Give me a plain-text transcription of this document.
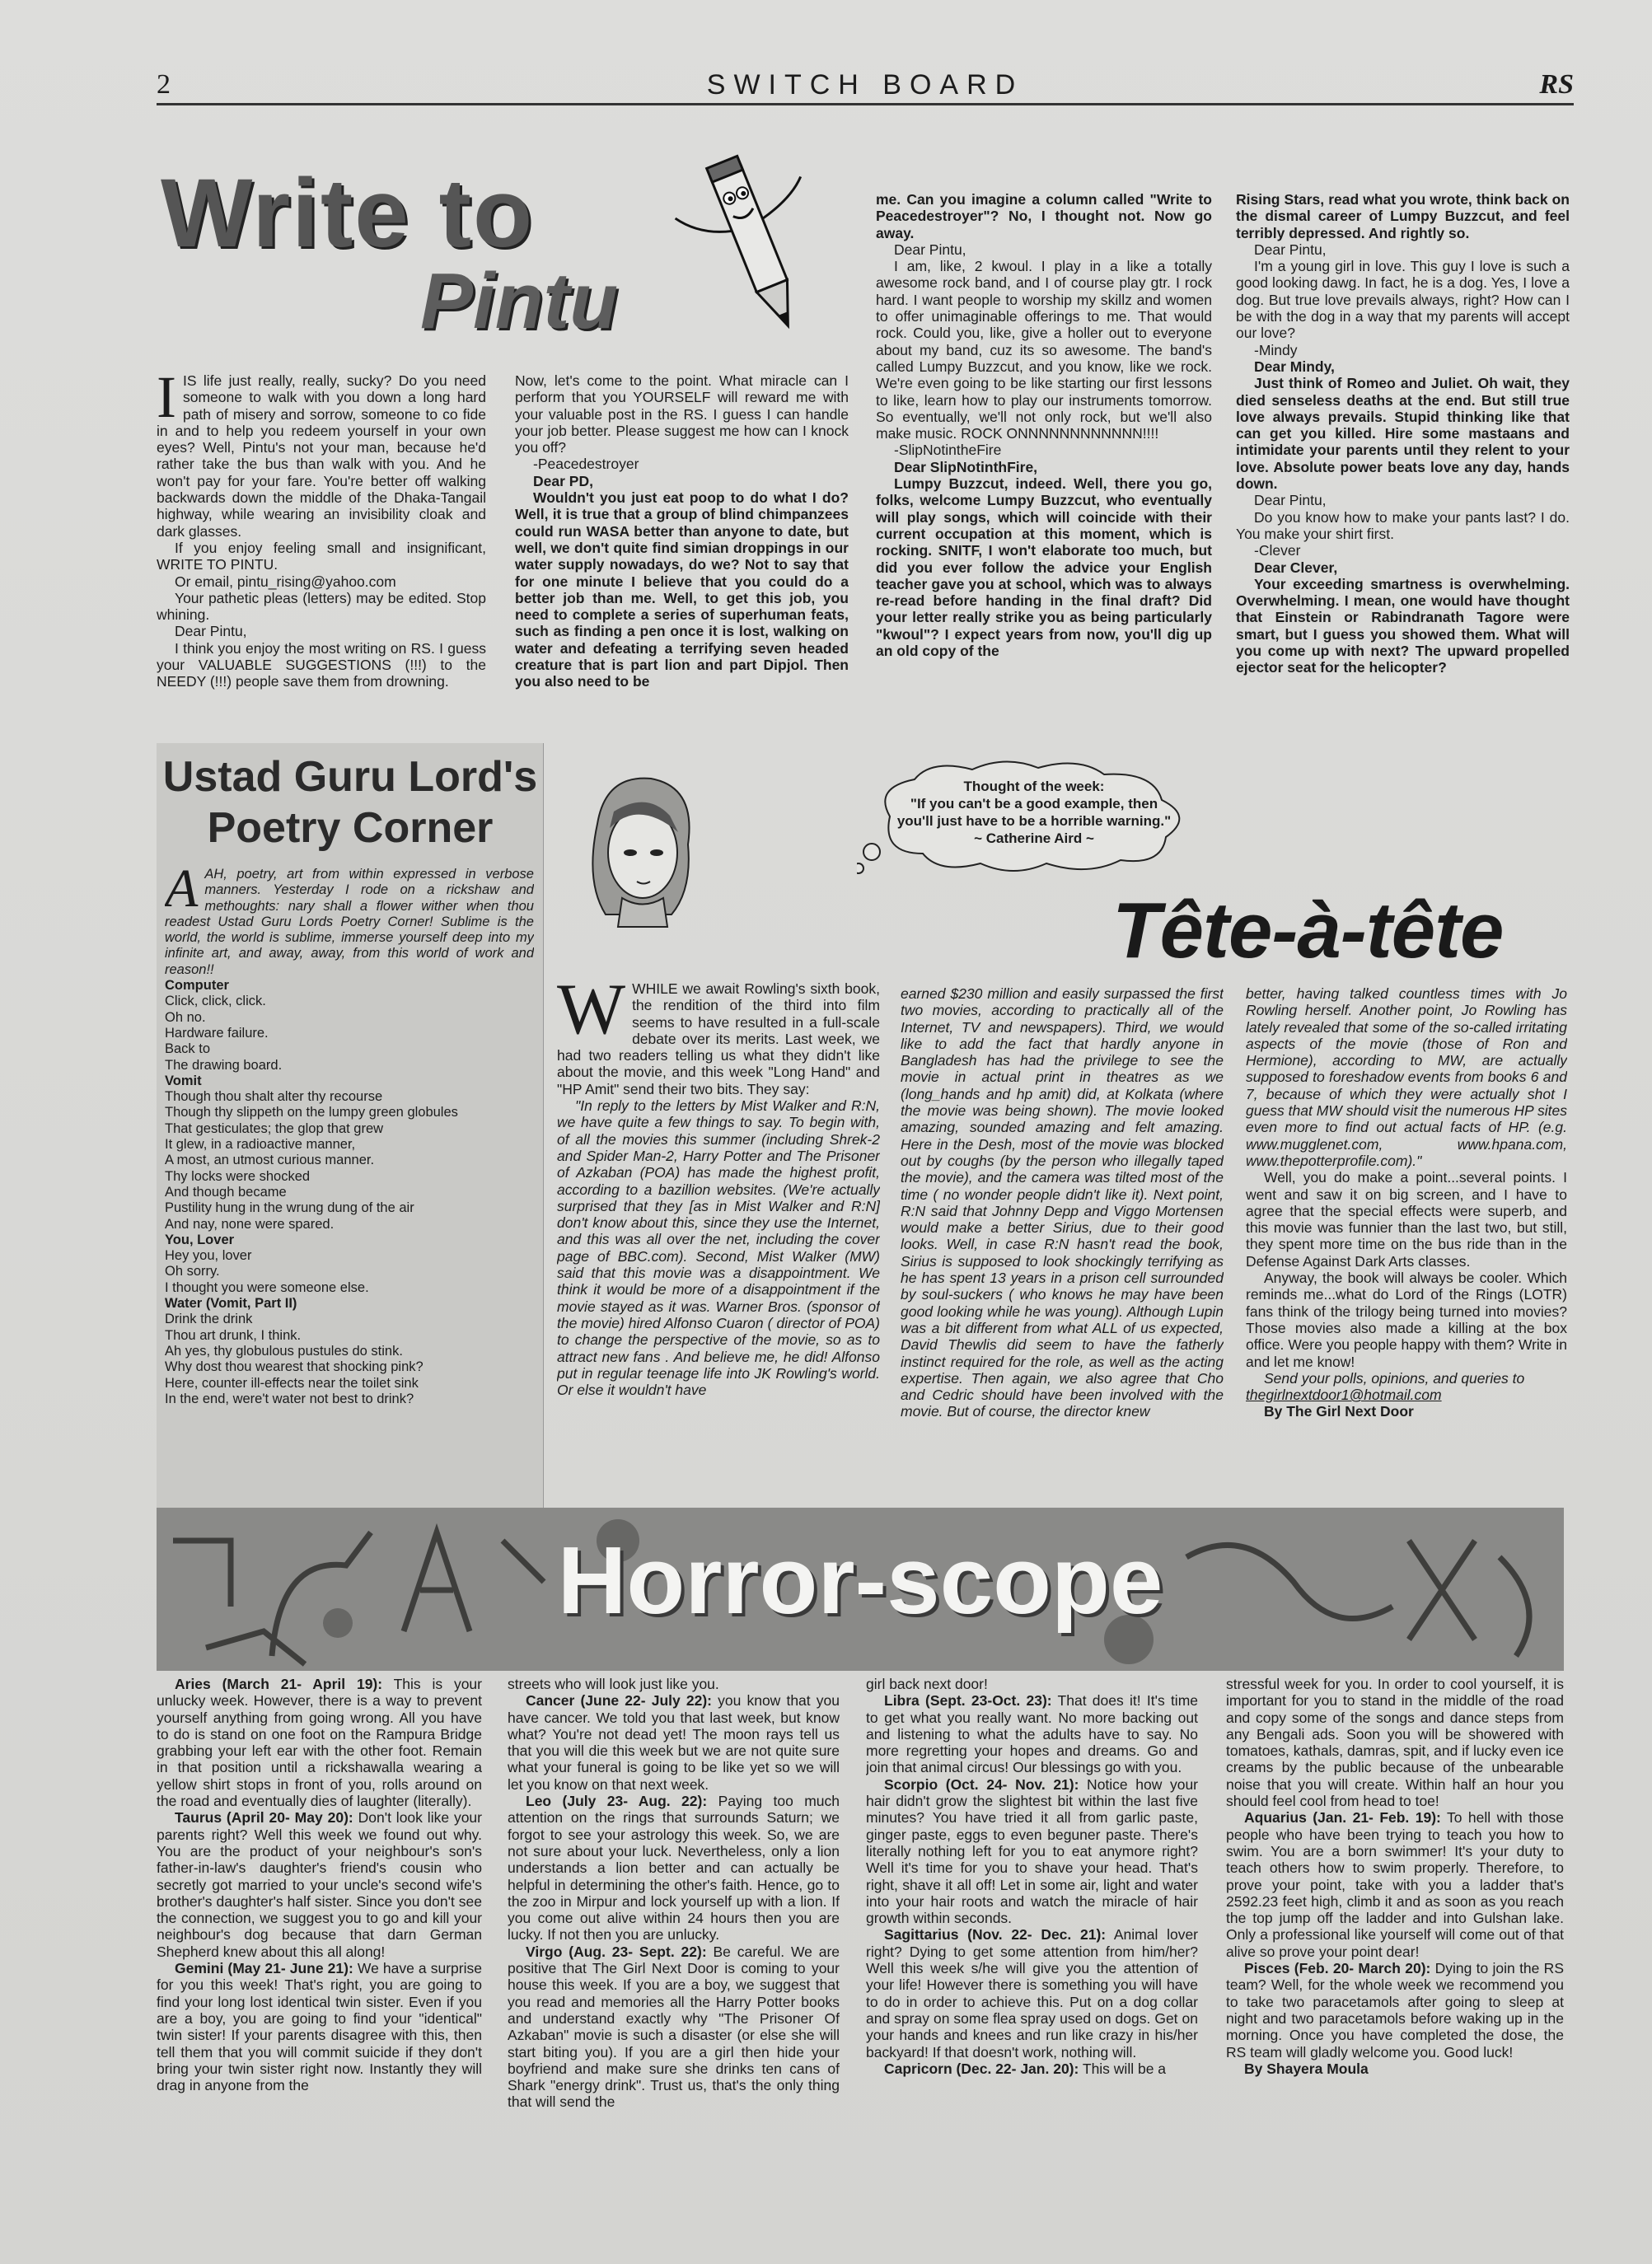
2	SWITCH BOARD	RS
Write to
Pintu

IIS life just really, really, sucky? Do you need someone to walk with you down a long hard path of misery and sorrow, someone to co fide in and to help you redeem yourself in your own eyes? Well, Pintu's not your man, because he'd rather take the bus than walk with you. And he won't pay for your fare. You're better off walking backwards down the middle of the Dhaka-Tangail highway, while wearing an invisibility cloak and dark glasses.

If you enjoy feeling small and insignificant, WRITE TO PINTU.

Or email, pintu_rising@yahoo.com

Your pathetic pleas (letters) may be edited. Stop whining.

Dear Pintu,

I think you enjoy the most writing on RS. I guess your VALUABLE SUGGESTIONS (!!!) to the NEEDY (!!!) people save them from drowning.

Now, let's come to the point. What miracle can I perform that you YOURSELF will reward me with your valuable post in the RS. I guess I can handle your job better. Please suggest me how can I knock you off?

-Peacedestroyer

Dear PD,

Wouldn't you just eat poop to do what I do? Well, it is true that a group of blind chimpanzees could run WASA better than anyone to date, but well, we don't quite find simian droppings in our water supply nowadays, do we? Not to say that for one minute I believe that you could do a better job than me. Well, to get this job, you need to complete a series of superhuman feats, such as finding a pen once it is lost, walking on water and defeating a terrifying seven headed creature that is part lion and part Dipjol. Then you also need to be

me. Can you imagine a column called "Write to Peacedestroyer"? No, I thought not. Now go away.

Dear Pintu,

I am, like, 2 kwoul. I play in a like a totally awesome rock band, and I of course play gtr. I rock hard. I want people to worship my skillz and women to offer unimaginable offerings to me. That would rock. Could you, like, give a holler out to everyone about my band, cuz its so awesome. The band's called Lumpy Buzzcut, and you know, like we rock. We're even going to be like starting our first lessons to like, learn how to play our instruments tomorrow. So eventually, we'll not only rock, but we'll also make music. ROCK ONNNNNNNNNNNN!!!!

-SlipNotintheFire

Dear SlipNotinthFire,

Lumpy Buzzcut, indeed. Well, there you go, folks, welcome Lumpy Buzzcut, who eventually will play songs, which will coincide with their current occupation at this moment, which is rocking. SNITF, I won't elaborate too much, but did you ever follow the advice your English teacher gave you at school, which was to always re-read before handing in the final draft? Did your letter really strike you as being particularly "kwoul"? I expect years from now, you'll dig up an old copy of the

Rising Stars, read what you wrote, think back on the dismal career of Lumpy Buzzcut, and feel terribly depressed. And rightly so.

Dear Pintu,

I'm a young girl in love. This guy I love is such a good looking dawg. In fact, he is a dog. Yes, I love a dog. But true love prevails always, right? How can I be with the dog in a way that my parents will accept our love?

-Mindy

Dear Mindy,

Just think of Romeo and Juliet. Oh wait, they died senseless deaths at the end. But still true love always prevails. Stupid thinking like that can get you killed. Hire some mastaans and intimidate your parents until they relent to your love. Absolute power beats love any day, hands down.

Dear Pintu,

Do you know how to make your pants last? I do. You make your shirt first.

-Clever

Dear Clever,

Your exceeding smartness is overwhelming. Overwhelming. I mean, one would have thought that Einstein or Rabindranath Tagore were smart, but I guess you showed them. What will you come up with next? The upward propelled ejector seat for the helicopter?

Ustad Guru Lord's
Poetry Corner

AAH, poetry, art from within expressed in verbose manners. Yesterday I rode on a rickshaw and methoughts: nary shall a flower wither when thou readest Ustad Guru Lords Poetry Corner! Sublime is the world, the world is sublime, immerse yourself deep into my infinite art, and away, away, from this world of work and reason!!

Computer
Click, click, click.
Oh no.
Hardware failure.
Back to
The drawing board.
Vomit
Though thou shalt alter thy recourse
Though thy slippeth on the lumpy green globules
That gesticulates; the glop that grew
It glew, in a radioactive manner,
A most, an utmost curious manner.
Thy locks were shocked
And though became
Pustility hung in the wrung dung of the air
And nay, none were spared.
You, Lover
Hey you, lover
Oh sorry.
I thought you were someone else.
Water (Vomit, Part II)
Drink the drink
Thou art drunk, I think.
Ah yes, thy globulous pustules do stink.
Why dost thou wearest that shocking pink?
Here, counter ill-effects near the toilet sink
In the end, were't water not best to drink?
Thought of the week:
"If you can't be a good example, then you'll just have to be a horrible warning."
~ Catherine Aird ~
Tête-à-tête

WWHILE we await Rowling's sixth book, the rendition of the third into film seems to have resulted in a full-scale debate over its merits. Last week, we had two readers telling us what they didn't like about the movie, and this week "Long Hand" and "HP Amit" send their two bits. They say:

"In reply to the letters by Mist Walker and R:N, we have quite a few things to say. To begin with, of all the movies this summer (including Shrek-2 and Spider Man-2, Harry Potter and The Prisoner of Azkaban (POA) has made the highest profit, according to a bazillion websites. (We're actually surprised that they [as in Mist Walker and R:N] don't know about this, since they use the Internet, and this was all over the net, including the cover page of BBC.com). Second, Mist Walker (MW) said that this movie was a disappointment. We think it would be more of a disappointment if the movie stayed as it was. Warner Bros. (sponsor of the movie) hired Alfonso Cuaron ( director of POA) to change the perspective of the movie, so as to attract new fans . And believe me, he did! Alfonso put in regular teenage life into JK Rowling's world. Or else it wouldn't have

earned $230 million and easily surpassed the first two movies, according to practically all of the Internet, TV and newspapers). Third, we would like to add the fact that hardly anyone in Bangladesh has had the privilege to see the movie in actual print in theatres as we (long_hands and hp amit) did, at Kolkata (where the movie was being shown). The movie looked amazing, sounded amazing and felt amazing. Here in the Desh, most of the movie was blocked out by coughs (by the person who illegally taped the movie), and the camera was tilted most of the time ( no wonder people didn't like it). Next point, R:N said that Johnny Depp and Viggo Mortensen would make a better Sirius, due to their good looks. Well, in case R:N hasn't read the book, Sirius is supposed to look shockingly terrifying as he has spent 13 years in a prison cell surrounded by soul-suckers ( who knows he may have been good looking while he was young). Although Lupin was a bit different from what ALL of us expected, David Thewlis did seem to have the fatherly instinct required for the role, as well as the acting expertise. Then again, we also agree that Cho and Cedric should have been involved with the movie. But of course, the director knew

better, having talked countless times with Jo Rowling herself. Another point, Jo Rowling has lately revealed that some of the so-called irritating aspects of the movie (those of Ron and Hermione), according to MW, are actually supposed to foreshadow events from books 6 and 7, because of which they were actually shot I guess that MW should visit the numerous HP sites even more to find out actual facts of HP. (e.g. www.mugglenet.com, www.hpana.com, www.thepotterprofile.com)."

Well, you do make a point...several points. I went and saw it on big screen, and I have to agree that the special effects were superb, and this movie was funnier than the last two, but still, they spent more time on the bus ride than in the Defense Against Dark Arts classes.

Anyway, the book will always be cooler. Which reminds me...what do Lord of the Rings (LOTR) fans think of the trilogy being turned into movies? Those movies also made a killing at the box office. Were you people happy with them? Write in and let me know!

Send your polls, opinions, and queries to

thegirlnextdoor1@hotmail.com

By The Girl Next Door

Horror-scope

Aries (March 21- April 19): This is your unlucky week. However, there is a way to prevent yourself anything from going wrong. All you have to do is stand on one foot on the Rampura Bridge grabbing your left ear with the other foot. Remain in that position until a rickshawalla wearing a yellow shirt stops in front of you, rolls around on the road and eventually dies of laughter (literally).

Taurus (April 20- May 20): Don't look like your parents right? Well this week we found out why. You are the product of your neighbour's son's father-in-law's daughter's friend's cousin who secretly got married to your uncle's second wife's brother's daughter's half sister. Since you don't see the connection, we suggest you to go and kill your neighbour's dog because that darn German Shepherd knew about this all along!

Gemini (May 21- June 21): We have a surprise for you this week! That's right, you are going to find your long lost identical twin sister. Even if you are a boy, you are going to find your "identical" twin sister! If your parents disagree with this, then tell them that you will commit suicide if they don't bring your twin sister right now. Instantly they will drag in anyone from the

streets who will look just like you.

Cancer (June 22- July 22): you know that you have cancer. We told you that last week, but know what? You're not dead yet! The moon rays tell us that you will die this week but we are not quite sure what your funeral is going to be like yet so we will let you know on that next week.

Leo (July 23- Aug. 22): Paying too much attention on the rings that surrounds Saturn; we forgot to see your astrology this week. So, we are not sure about your luck. Nevertheless, only a lion understands a lion better and can actually be helpful in determining the other's faith. Hence, go to the zoo in Mirpur and lock yourself up with a lion. If you come out alive within 24 hours then you are lucky. If not then you are unlucky.

Virgo (Aug. 23- Sept. 22): Be careful. We are positive that The Girl Next Door is coming to your house this week. If you are a boy, we suggest that you read and memories all the Harry Potter books and understand exactly why "The Prisoner Of Azkaban" movie is such a disaster (or else she will start biting you). If you are a girl then hide your boyfriend and make sure she drinks ten cans of Shark "energy drink". Trust us, that's the only thing that will send the

girl back next door!

Libra (Sept. 23-Oct. 23): That does it! It's time to get what you really want. No more backing out and listening to what the adults have to say. No more regretting your hopes and dreams. Go and join that animal circus! Our blessings go with you.

Scorpio (Oct. 24- Nov. 21): Notice how your hair didn't grow the slightest bit within the last five minutes? You have tried it all from garlic paste, ginger paste, eggs to even beguner paste. There's literally nothing left for you to eat anymore right? Well it's time for you to shave your head. That's right, shave it all off! Let in some air, light and water into your hair roots and watch the miracle of hair growth within seconds.

Sagittarius (Nov. 22- Dec. 21): Animal lover right? Dying to get some attention from him/her? Well this week s/he will give you the attention of your life! However there is something you will have to do in order to achieve this. Put on a dog collar and spray on some flea spray used on dogs. Get on your hands and knees and run like crazy in his/her backyard! If that doesn't work, nothing will.

Capricorn (Dec. 22- Jan. 20): This will be a

stressful week for you. In order to cool yourself, it is important for you to stand in the middle of the road and copy some of the songs and dance steps from any Bengali ads. Soon you will be showered with tomatoes, kathals, damras, spit, and if lucky even ice creams by the public because of the unbearable noise that you will create. Within half an hour you should feel cool from head to toe!

Aquarius (Jan. 21- Feb. 19): To hell with those people who have been trying to teach you how to swim. You are a born swimmer! It's your duty to teach others how to swim properly. Therefore, to prove your point, take with you a ladder that's 2592.23 feet high, climb it and as soon as you reach the top jump off the ladder and into Gulshan lake. Only a professional like yourself will come out of that alive so prove your point dear!

Pisces (Feb. 20- March 20): Dying to join the RS team? Well, for the whole week we recommend you to take two paracetamols after going to sleep at night and two paracetamols before waking up in the morning. Once you have completed the dose, the RS team will gladly welcome you. Good luck!

By Shayera Moula
